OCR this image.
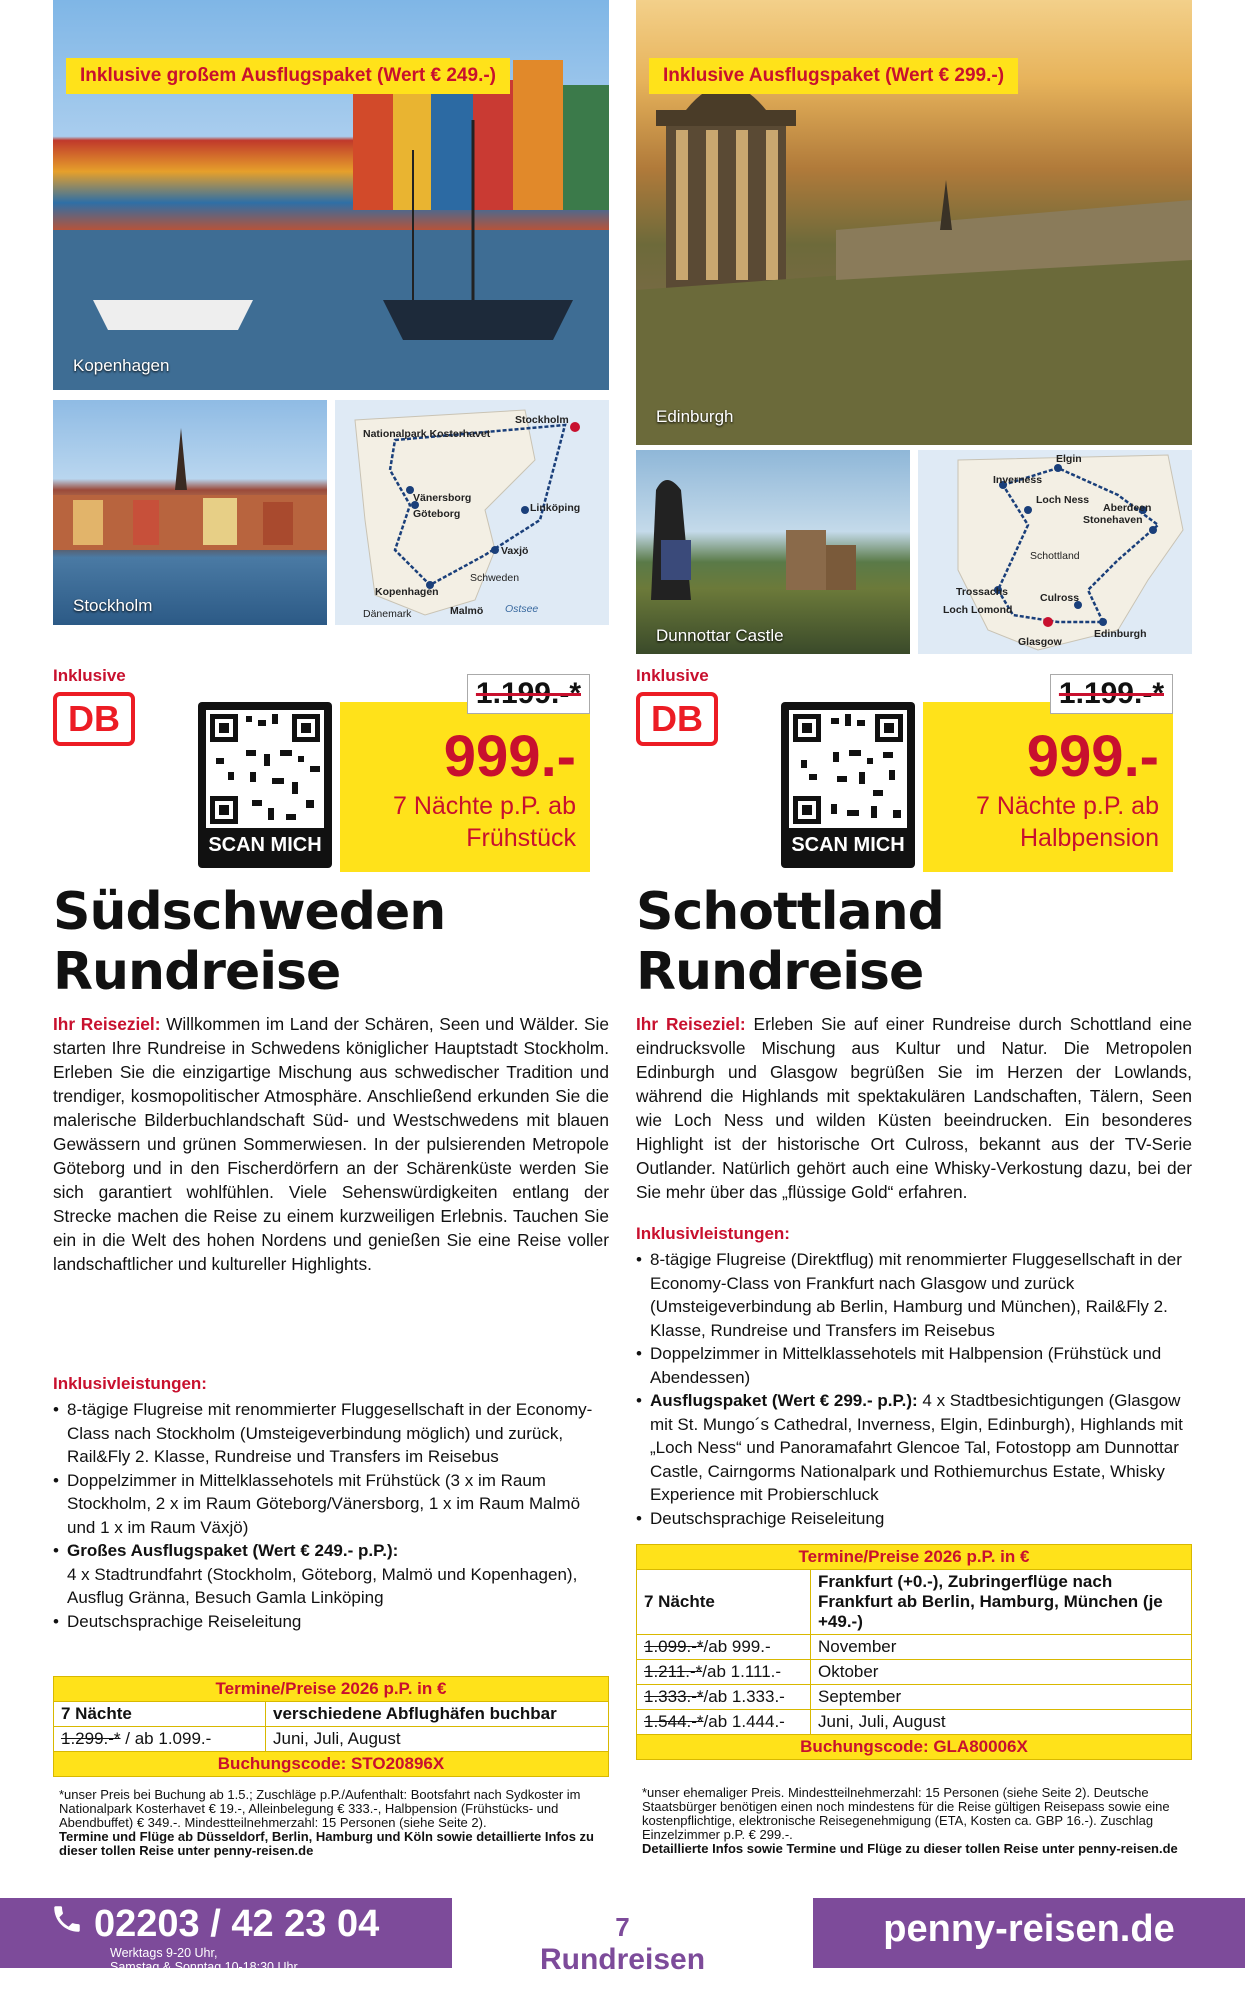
Inklusive großem Ausflugspaket (Wert € 249.-)
Kopenhagen
Stockholm
Nationalpark Kosterhavet
Stockholm
Vänersborg
Göteborg	Linköping
Vaxjö
Schweden
Kopenhagen
Dänemark	Malmö Ostsee
Inklusive
DB
SCAN MICH
1.199.-*
999.-
7 Nächte p.P. ab
Frühstück
Südschweden
Rundreise
Ihr Reiseziel: Willkommen im Land der Schären, Seen und Wälder. Sie starten Ihre Rundreise in Schwedens königlicher Hauptstadt Stockholm. Erleben Sie die einzigartige Mischung aus schwedischer Tradition und trendiger, kosmopolitischer Atmosphäre. Anschließend erkunden Sie die malerische Bilderbuchlandschaft Süd- und Westschwedens mit blauen Gewässern und grünen Sommerwiesen. In der pulsierenden Metropole Göteborg und in den Fischerdörfern an der Schärenküste werden Sie sich garantiert wohlfühlen. Viele Sehenswürdigkeiten entlang der Strecke machen die Reise zu einem kurzweiligen Erlebnis. Tauchen Sie ein in die Welt des hohen Nordens und genießen Sie eine Reise voller landschaftlicher und kultureller Highlights.
Inklusivleistungen:
• 8-tägige Flugreise mit renommierter Fluggesellschaft in der Economy-Class nach Stockholm (Umsteigeverbindung möglich) und zurück, Rail&Fly 2. Klasse, Rundreise und Transfers im Reisebus
• Doppelzimmer in Mittelklassehotels mit Frühstück (3 x im Raum Stockholm, 2 x im Raum Göteborg/Vänersborg, 1 x im Raum Malmö und 1 x im Raum Växjö)
• Großes Ausflugspaket (Wert € 249.- p.P.):
4 x Stadtrundfahrt (Stockholm, Göteborg, Malmö und Kopenhagen), Ausflug Gränna, Besuch Gamla Linköping
• Deutschsprachige Reiseleitung
Termine/Preise 2026 p.P. in €	
7 Nächte	verschiedene Abflughäfen buchbar
1.299.-* / ab 1.099.-	Juni, Juli, August
Buchungscode: STO20896X	
*unser Preis bei Buchung ab 1.5.; Zuschläge p.P./Aufenthalt: Bootsfahrt nach Sydkoster im Nationalpark Kosterhavet € 19.-, Alleinbelegung € 333.-, Halbpension (Frühstücks- und Abendbuffet) € 349.-. Mindestteilnehmerzahl: 15 Personen (siehe Seite 2).
Termine und Flüge ab Düsseldorf, Berlin, Hamburg und Köln sowie detaillierte Infos zu dieser tollen Reise unter penny-reisen.de
Inklusive Ausflugspaket (Wert € 299.-)
Edinburgh
Dunnottar Castle
Elgin
Inverness
Loch Ness
Aberdeen
Stonehaven
Schottland
Trossachs	Culross
Loch Lomond
Glasgow
Edinburgh
Inklusive
DB
SCAN MICH
1.199.-*
999.-
7 Nächte p.P. ab
Halbpension
Schottland
Rundreise
Ihr Reiseziel: Erleben Sie auf einer Rundreise durch Schottland eine eindrucksvolle Mischung aus Kultur und Natur. Die Metropolen Edinburgh und Glasgow begrüßen Sie im Herzen der Lowlands, während die Highlands mit spektakulären Landschaften, Tälern, Seen wie Loch Ness und wilden Küsten beeindrucken. Ein besonderes Highlight ist der historische Ort Culross, bekannt aus der TV-Serie Outlander. Natürlich gehört auch eine Whisky-Verkostung dazu, bei der Sie mehr über das „flüssige Gold“ erfahren.
Inklusivleistungen:
• 8-tägige Flugreise (Direktflug) mit renommierter Fluggesellschaft in der Economy-Class von Frankfurt nach Glasgow und zurück (Umsteigeverbindung ab Berlin, Hamburg und München), Rail&Fly 2. Klasse, Rundreise und Transfers im Reisebus
• Doppelzimmer in Mittelklassehotels mit Halbpension (Frühstück und Abendessen)
• Ausflugspaket (Wert € 299.- p.P.): 4 x Stadtbesichtigungen (Glasgow mit St. Mungo´s Cathedral, Inverness, Elgin, Edinburgh), Highlands mit „Loch Ness“ und Panoramafahrt Glencoe Tal, Fotostopp am Dunnottar Castle, Cairngorms Nationalpark und Rothiemurchus Estate, Whisky Experience mit Probierschluck
• Deutschsprachige Reiseleitung
Termine/Preise 2026 p.P. in €	
7 Nächte	Frankfurt (+0.-), Zubringerflüge nach Frankfurt ab Berlin, Hamburg, München (je +49.-)
1.099.-*/ab 999.-	November
1.211.-*/ab 1.111.-	Oktober
1.333.-*/ab 1.333.-	September
1.544.-*/ab 1.444.-	Juni, Juli, August
Buchungscode: GLA80006X	
*unser ehemaliger Preis. Mindestteilnehmerzahl: 15 Personen (siehe Seite 2). Deutsche Staatsbürger benötigen einen noch mindestens für die Reise gültigen Reisepass sowie eine kostenpflichtige, elektronische Reisegenehmigung (ETA, Kosten ca. GBP 16.-). Zuschlag Einzelzimmer p.P. € 299.-.
Detaillierte Infos sowie Termine und Flüge zu dieser tollen Reise unter penny-reisen.de
02203 / 42 23 04
Werktags 9-20 Uhr,
Samstag & Sonntag 10-18:30 Uhr
7
Rundreisen
penny-reisen.de
